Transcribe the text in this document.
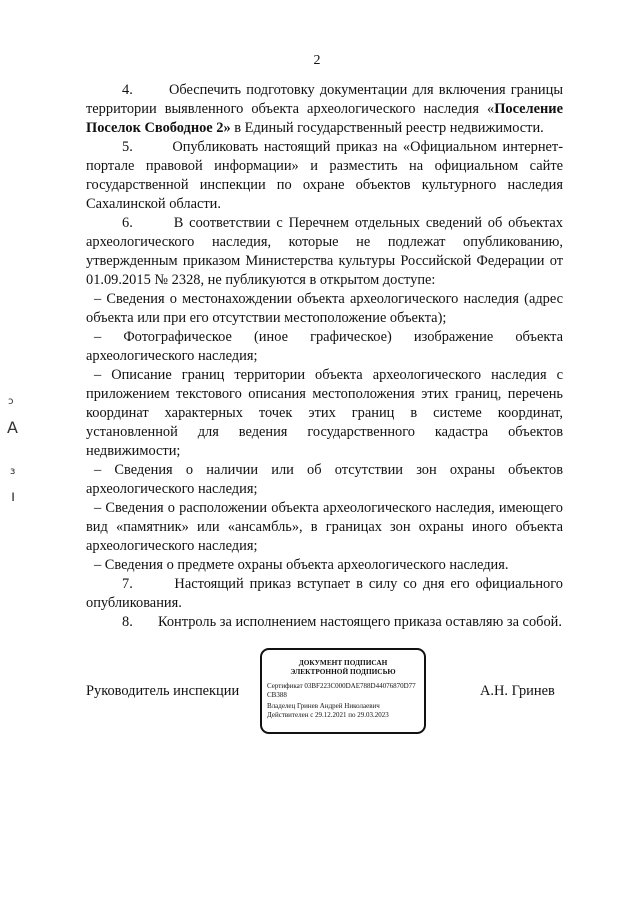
2

4.	Обеспечить подготовку документации для включения границы территории выявленного объекта археологического наследия «Поселение Поселок Свободное 2» в Единый государственный реестр недвижимости.

5.	Опубликовать настоящий приказ на «Официальном интернет-портале правовой информации» и разместить на официальном сайте государственной инспекции по охране объектов культурного наследия Сахалинской области.

6.	В соответствии с Перечнем отдельных сведений об объектах археологического наследия, которые не подлежат опубликованию, утвержденным приказом Министерства культуры Российской Федерации от 01.09.2015 № 2328, не публикуются в открытом доступе:

– Сведения о местонахождении объекта археологического наследия (адрес объекта или при его отсутствии местоположение объекта);

– Фотографическое (иное графическое) изображение объекта археологического наследия;

– Описание границ территории объекта археологического наследия с приложением текстового описания местоположения этих границ, перечень координат характерных точек этих границ в системе координат, установленной для ведения государственного кадастра объектов недвижимости;

– Сведения о наличии или об отсутствии зон охраны объектов археологического наследия;

– Сведения о расположении объекта археологического наследия, имеющего вид «памятник» или «ансамбль», в границах зон охраны иного объекта археологического наследия;

– Сведения о предмете охраны объекта археологического наследия.

7.	Настоящий приказ вступает в силу со дня его официального опубликования.

8. Контроль за исполнением настоящего приказа оставляю за собой.

Руководитель инспекции
ДОКУМЕНТ ПОДПИСАН
ЭЛЕКТРОННОЙ ПОДПИСЬЮ
Сертификат 03BF223C000DAE788D44076870D77CB388
Владелец Гринев Андрей Николаевич
Действителен с 29.12.2021 по 29.03.2023
А.Н. Гринев
ↄ
A
ɜ
ı
